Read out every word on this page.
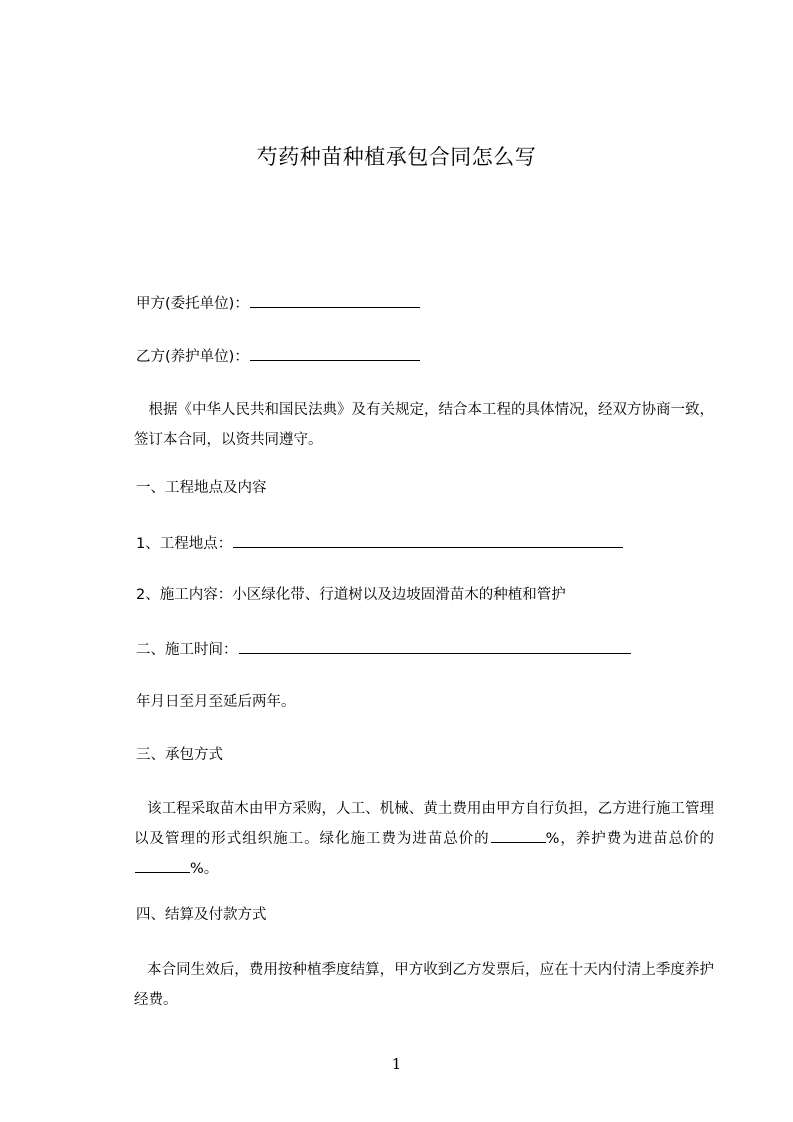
芍药种苗种植承包合同怎么写
甲方(委托单位)：
乙方(养护单位)：
根据《中华人民共和国民法典》及有关规定，结合本工程的具体情况，经双方协商一致，签订本合同，以资共同遵守。
一、工程地点及内容
1、工程地点：
2、施工内容：小区绿化带、行道树以及边坡固滑苗木的种植和管护
二、施工时间：
年月日至月至延后两年。
三、承包方式
该工程采取苗木由甲方采购，人工、机械、黄土费用由甲方自行负担，乙方进行施工管理以及管理的形式组织施工。绿化施工费为进苗总价的	%，养护费为进苗总价的%。
四、结算及付款方式
本合同生效后，费用按种植季度结算，甲方收到乙方发票后，应在十天内付清上季度养护经费。
1
